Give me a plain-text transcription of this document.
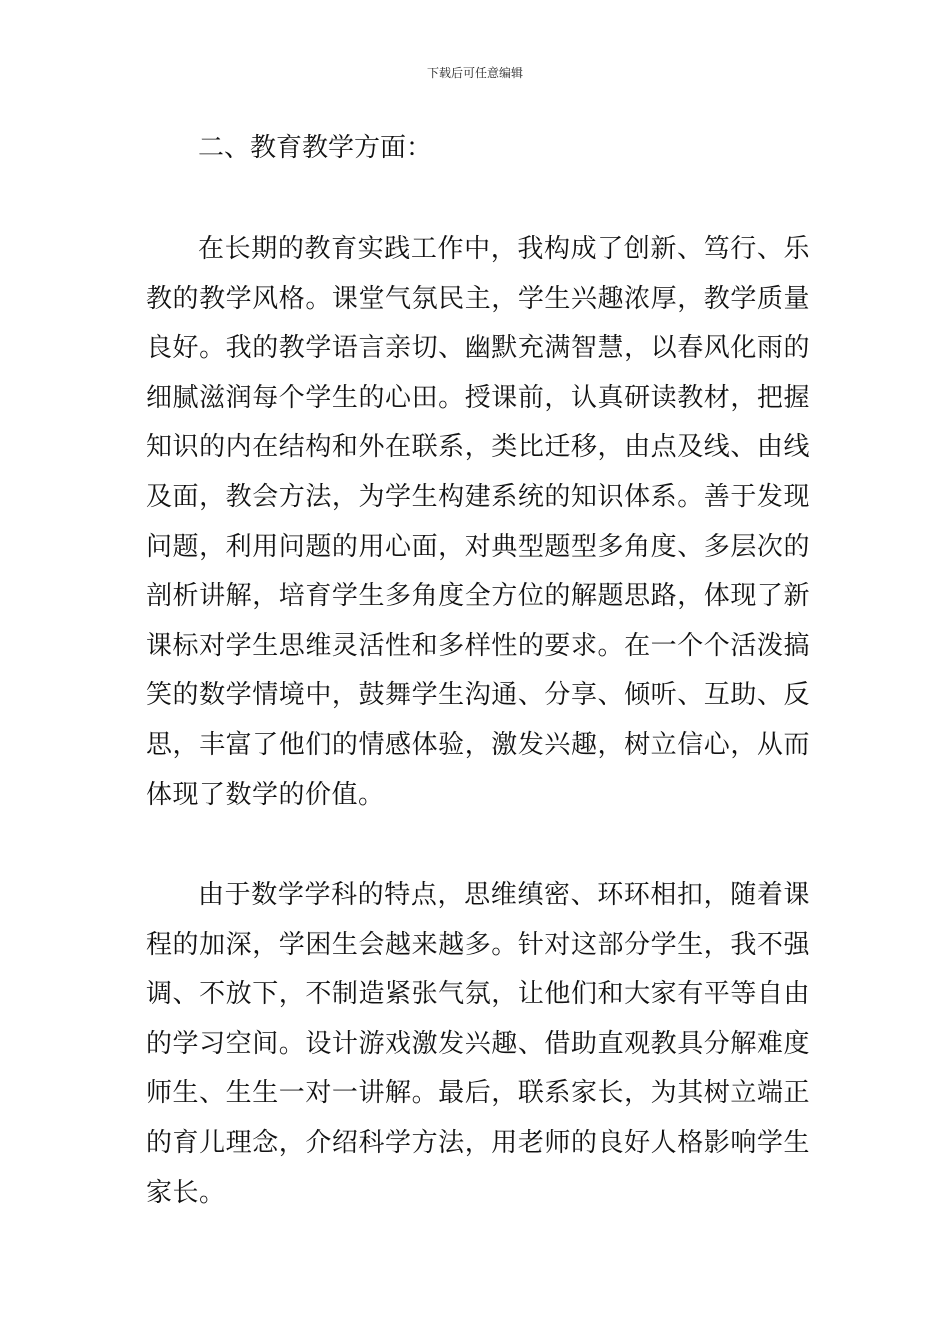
下载后可任意编辑
二、教育教学方面：

在长期的教育实践工作中，我构成了创新、笃行、乐教的教学风格。课堂气氛民主，学生兴趣浓厚，教学质量良好。我的教学语言亲切、幽默充满智慧，以春风化雨的细腻滋润每个学生的心田。授课前，认真研读教材，把握知识的内在结构和外在联系，类比迁移，由点及线、由线及面，教会方法，为学生构建系统的知识体系。善于发现问题，利用问题的用心面，对典型题型多角度、多层次的剖析讲解，培育学生多角度全方位的解题思路，体现了新课标对学生思维灵活性和多样性的要求。在一个个活泼搞笑的数学情境中，鼓舞学生沟通、分享、倾听、互助、反思，丰富了他们的情感体验，激发兴趣，树立信心，从而体现了数学的价值。

由于数学学科的特点，思维缜密、环环相扣，随着课程的加深，学困生会越来越多。针对这部分学生，我不强调、不放下，不制造紧张气氛，让他们和大家有平等自由的学习空间。设计游戏激发兴趣、借助直观教具分解难度师生、生生一对一讲解。最后，联系家长，为其树立端正的育儿理念，介绍科学方法，用老师的良好人格影响学生家长。
